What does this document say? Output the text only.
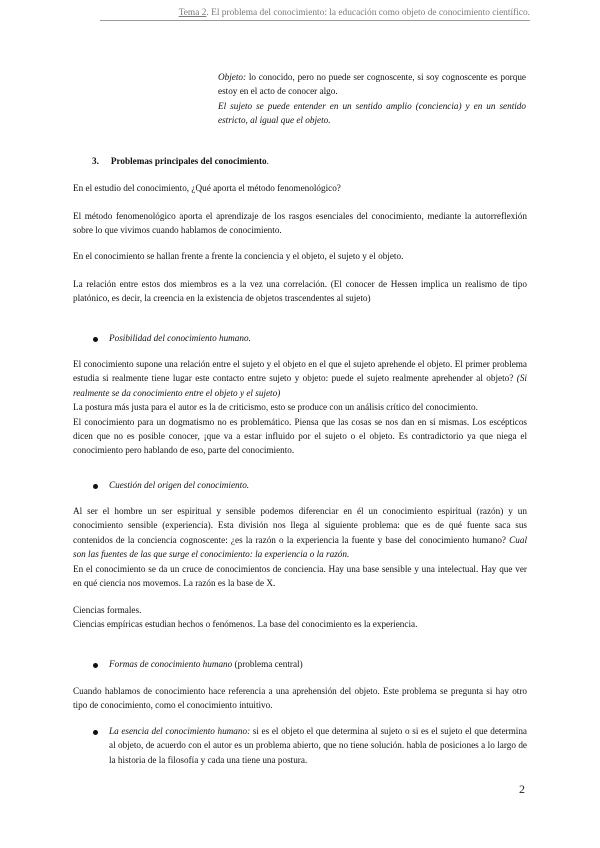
Tema 2. El problema del conocimiento: la educación como objeto de conocimiento científico.
Objeto: lo conocido, pero no puede ser cognoscente, si soy cognoscente es porque estoy en el acto de conocer algo.
El sujeto se puede entender en un sentido amplio (conciencia) y en un sentido estricto, al igual que el objeto.
3. Problemas principales del conocimiento.
En el estudio del conocimiento, ¿Qué aporta el método fenomenológico?
El método fenomenológico aporta el aprendizaje de los rasgos esenciales del conocimiento, mediante la autorreflexión sobre lo que vivimos cuando hablamos de conocimiento.
En el conocimiento se hallan frente a frente la conciencia y el objeto, el sujeto y el objeto.
La relación entre estos dos miembros es a la vez una correlación. (El conocer de Hessen implica un realismo de tipo platónico, es decir, la creencia en la existencia de objetos trascendentes al sujeto)
Posibilidad del conocimiento humano.
El conocimiento supone una relación entre el sujeto y el objeto en el que el sujeto aprehende el objeto. El primer problema estudia si realmente tiene lugar este contacto entre sujeto y objeto: puede el sujeto realmente aprehender al objeto? (Si realmente se da conocimiento entre el objeto y el sujeto)
La postura más justa para el autor es la de criticismo, esto se produce con un análisis crítico del conocimiento.
El conocimiento para un dogmatismo no es problemático. Piensa que las cosas se nos dan en sí mismas. Los escépticos dicen que no es posible conocer, ¡que va a estar influido por el sujeto o el objeto. Es contradictorio ya que niega el conocimiento pero hablando de eso, parte del conocimiento.
Cuestión del origen del conocimiento.
Al ser el hombre un ser espiritual y sensible podemos diferenciar en él un conocimiento espiritual (razón) y un conocimiento sensible (experiencia). Esta división nos llega al siguiente problema: que es de qué fuente saca sus contenidos de la conciencia cognoscente: ¿es la razón o la experiencia la fuente y base del conocimiento humano? Cual son las fuentes de las que surge el conocimiento: la experiencia o la razón.
En el conocimiento se da un cruce de conocimientos de conciencia. Hay una base sensible y una intelectual. Hay que ver en qué ciencia nos movemos. La razón es la base de X.
Ciencias formales.
Ciencias empíricas estudian hechos o fenómenos. La base del conocimiento es la experiencia.
Formas de conocimiento humano (problema central)
Cuando hablamos de conocimiento hace referencia a una aprehensión del objeto. Este problema se pregunta si hay otro tipo de conocimiento, como el conocimiento intuitivo.
La esencia del conocimiento humano: si es el objeto el que determina al sujeto o si es el sujeto el que determina al objeto, de acuerdo con el autor es un problema abierto, que no tiene solución. habla de posiciones a lo largo de la historia de la filosofía y cada una tiene una postura.
2
